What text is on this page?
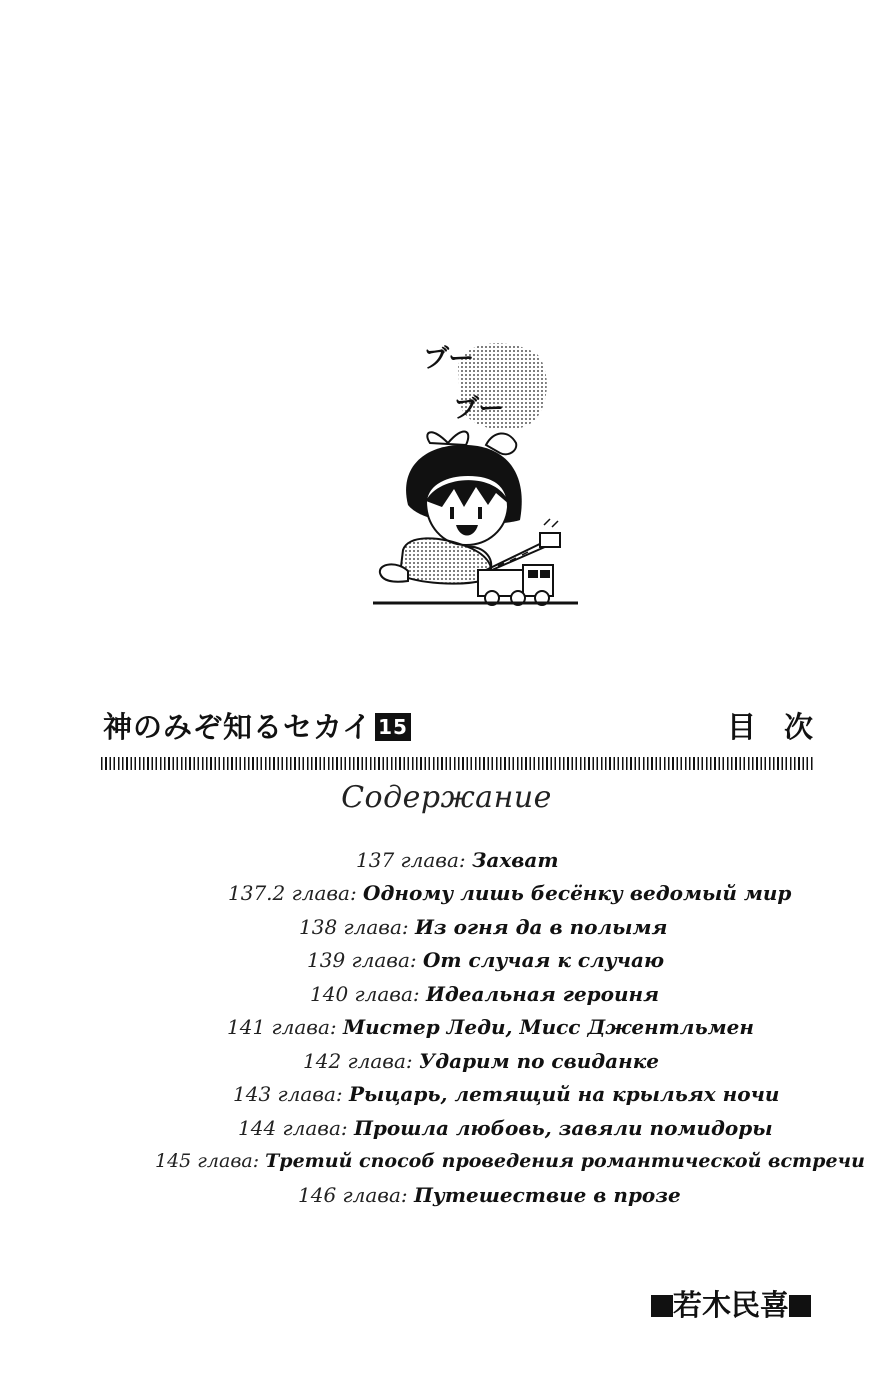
ブー
ブー
神のみぞ知るセカイ 15	目次
Содержание
137 глава: Захват
137.2 глава: Одному лишь бесёнку ведомый мир
138 глава: Из огня да в полымя
139 глава: От случая к случаю
140 глава: Идеальная героиня
141 глава: Мистер Леди, Мисс Джентльмен
142 глава: Ударим по свиданке
143 глава: Рыцарь, летящий на крыльях ночи
144 глава: Прошла любовь, завяли помидоры
145 глава: Третий способ проведения романтической встречи
146 глава: Путешествие в прозе
若木民喜
